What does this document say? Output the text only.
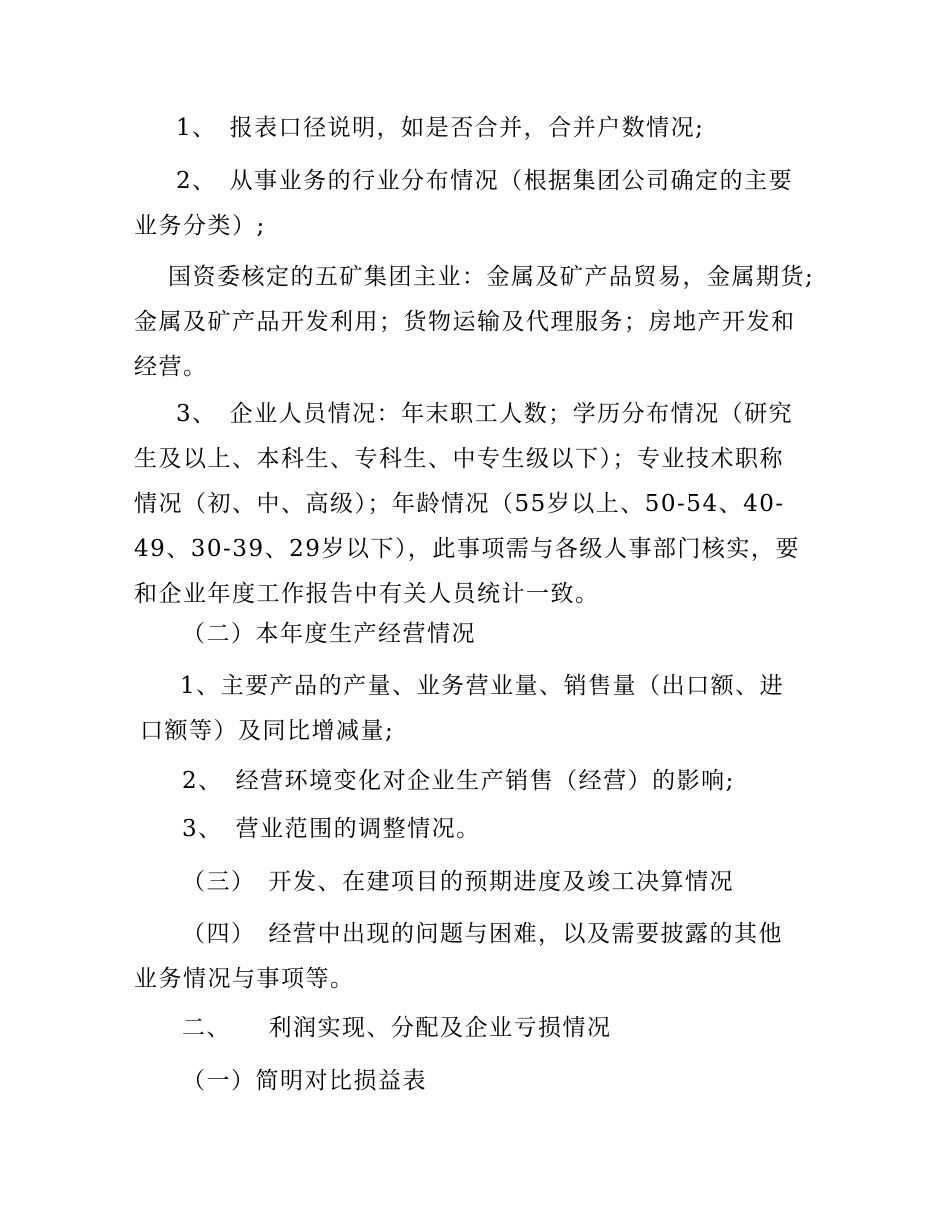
1、　报表口径说明，如是否合并，合并户数情况;

2、　从事业务的行业分布情况（根据集团公司确定的主要
业务分类）;

国资委核定的五矿集团主业：金属及矿产品贸易，金属期货;
金属及矿产品开发利用；货物运输及代理服务；房地产开发和
经营。

3、　企业人员情况：年末职工人数；学历分布情况（研究
生及以上、本科生、专科生、中专生级以下）；专业技术职称
情况（初、中、高级）；年龄情况（55岁以上、50-54、40-
49、30-39、29岁以下），此事项需与各级人事部门核实，要
和企业年度工作报告中有关人员统计一致。

（二）本年度生产经营情况

1、主要产品的产量、业务营业量、销售量（出口额、进
口额等）及同比增减量;

2、　经营环境变化对企业生产销售（经营）的影响;

3、　营业范围的调整情况。

（三）　开发、在建项目的预期进度及竣工决算情况

（四）　经营中出现的问题与困难，以及需要披露的其他
业务情况与事项等。

二、　　利润实现、分配及企业亏损情况

（一）简明对比损益表
